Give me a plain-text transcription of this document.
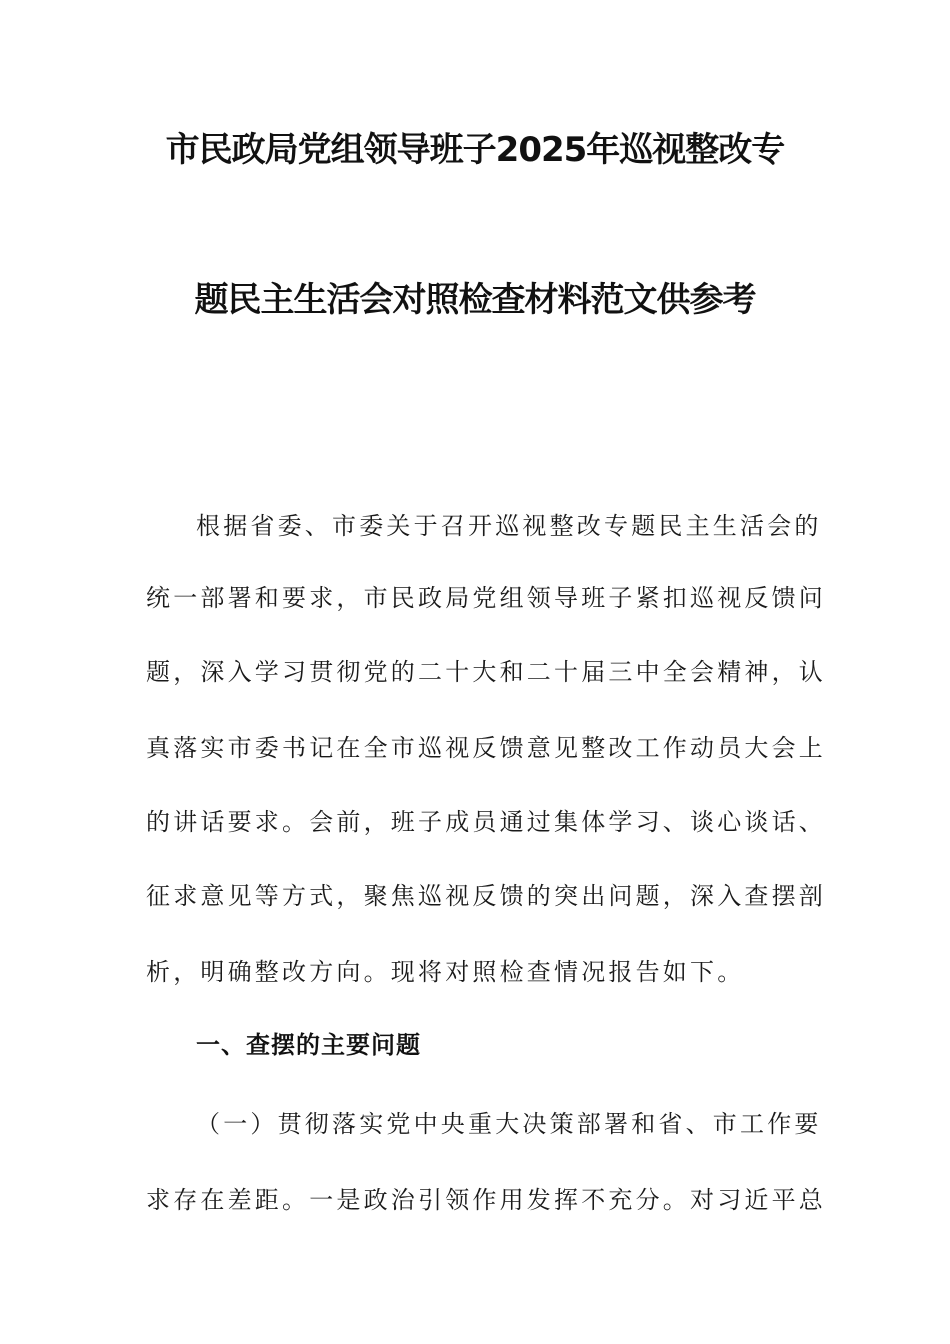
市民政局党组领导班子2025年巡视整改专
题民主生活会对照检查材料范文供参考
根据省委、市委关于召开巡视整改专题民主生活会的
统一部署和要求，市民政局党组领导班子紧扣巡视反馈问
题，深入学习贯彻党的二十大和二十届三中全会精神，认
真落实市委书记在全市巡视反馈意见整改工作动员大会上
的讲话要求。会前，班子成员通过集体学习、谈心谈话、
征求意见等方式，聚焦巡视反馈的突出问题，深入查摆剖
析，明确整改方向。现将对照检查情况报告如下。
一、查摆的主要问题
（一）贯彻落实党中央重大决策部署和省、市工作要
求存在差距。一是政治引领作用发挥不充分。对习近平总
